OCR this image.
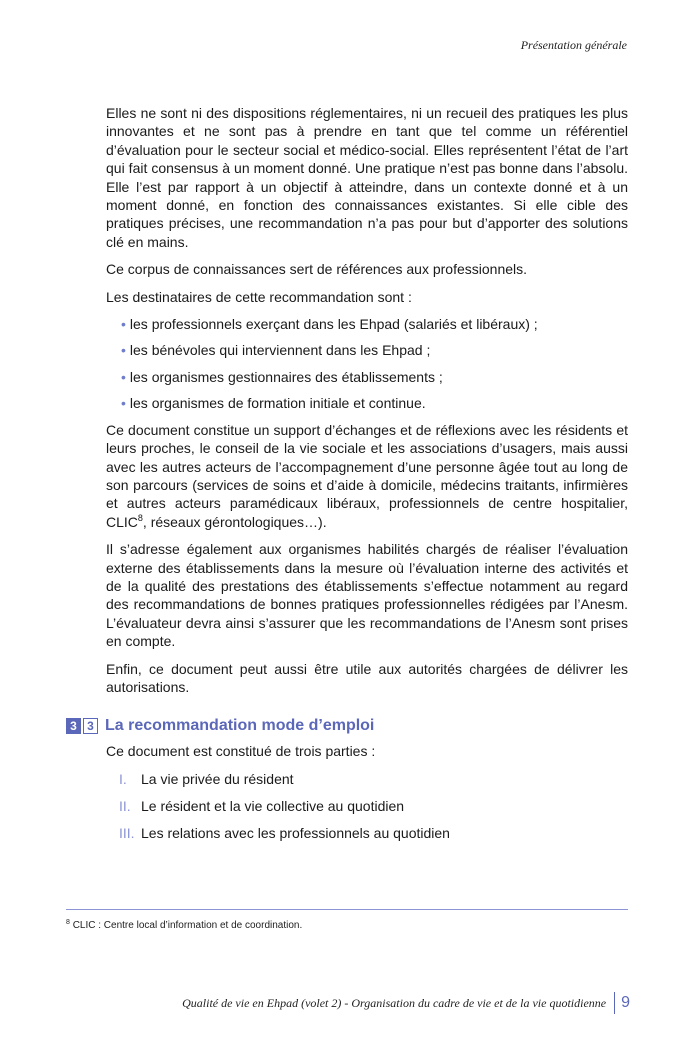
Présentation générale

Elles ne sont ni des dispositions réglementaires, ni un recueil des pratiques les plus innovantes et ne sont pas à prendre en tant que tel comme un référentiel d’évaluation pour le secteur social et médico-social. Elles représentent l’état de l’art qui fait consensus à un moment donné. Une pratique n’est pas bonne dans l’absolu. Elle l’est par rapport à un objectif à atteindre, dans un contexte donné et à un moment donné, en fonction des connaissances existantes. Si elle cible des pratiques précises, une recommandation n’a pas pour but d’apporter des solutions clé en mains.

Ce corpus de connaissances sert de références aux professionnels.

Les destinataires de cette recommandation sont :

• les professionnels exerçant dans les Ehpad (salariés et libéraux) ;
• les bénévoles qui interviennent dans les Ehpad ;
• les organismes gestionnaires des établissements ;
• les organismes de formation initiale et continue.

Ce document constitue un support d’échanges et de réflexions avec les résidents et leurs proches, le conseil de la vie sociale et les associations d’usagers, mais aussi avec les autres acteurs de l’accompagnement d’une personne âgée tout au long de son parcours (services de soins et d’aide à domicile, médecins traitants, infirmières et autres acteurs paramédicaux libéraux, professionnels de centre hospitalier, CLIC$^8$, réseaux gérontologiques…).

Il s’adresse également aux organismes habilités chargés de réaliser l’évaluation externe des établissements dans la mesure où l’évaluation interne des activités et de la qualité des prestations des établissements s’effectue notamment au regard des recommandations de bonnes pratiques professionnelles rédigées par l’Anesm. L’évaluateur devra ainsi s’assurer que les recommandations de l’Anesm sont prises en compte.

Enfin, ce document peut aussi être utile aux autorités chargées de délivrer les autorisations.

3 3 La recommandation mode d’emploi
Ce document est constitué de trois parties :
I. La vie privée du résident
II. Le résident et la vie collective au quotidien
III. Les relations avec les professionnels au quotidien
$^8$ CLIC : Centre local d’information et de coordination.
Qualité de vie en Ehpad (volet 2) - Organisation du cadre de vie et de la vie quotidienne 9
